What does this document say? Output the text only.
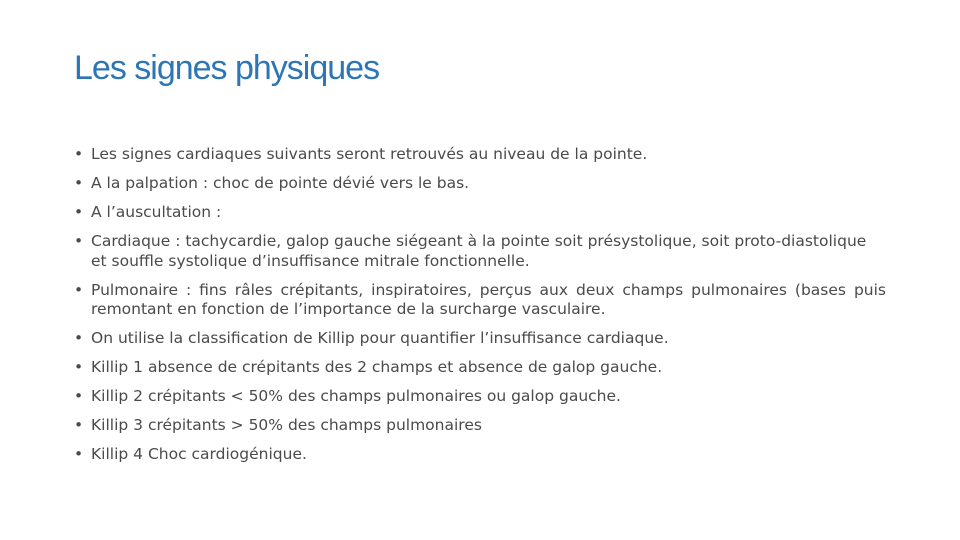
Les signes physiques
• Les signes cardiaques suivants seront retrouvés au niveau de la pointe.
• A la palpation : choc de pointe dévié vers le bas.
• A l’auscultation :
• Cardiaque : tachycardie, galop gauche siégeant à la pointe soit présystolique, soit proto-diastolique et souffle systolique d’insuffisance mitrale fonctionnelle.
• Pulmonaire : fins râles crépitants, inspiratoires, perçus aux deux champs pulmonaires (bases puis remontant en fonction de l’importance de la surcharge vasculaire.
• On utilise la classification de Killip pour quantifier l’insuffisance cardiaque.
• Killip 1 absence de crépitants des 2 champs et absence de galop gauche.
• Killip 2 crépitants < 50% des champs pulmonaires ou galop gauche.
• Killip 3 crépitants > 50% des champs pulmonaires
• Killip 4 Choc cardiogénique.
